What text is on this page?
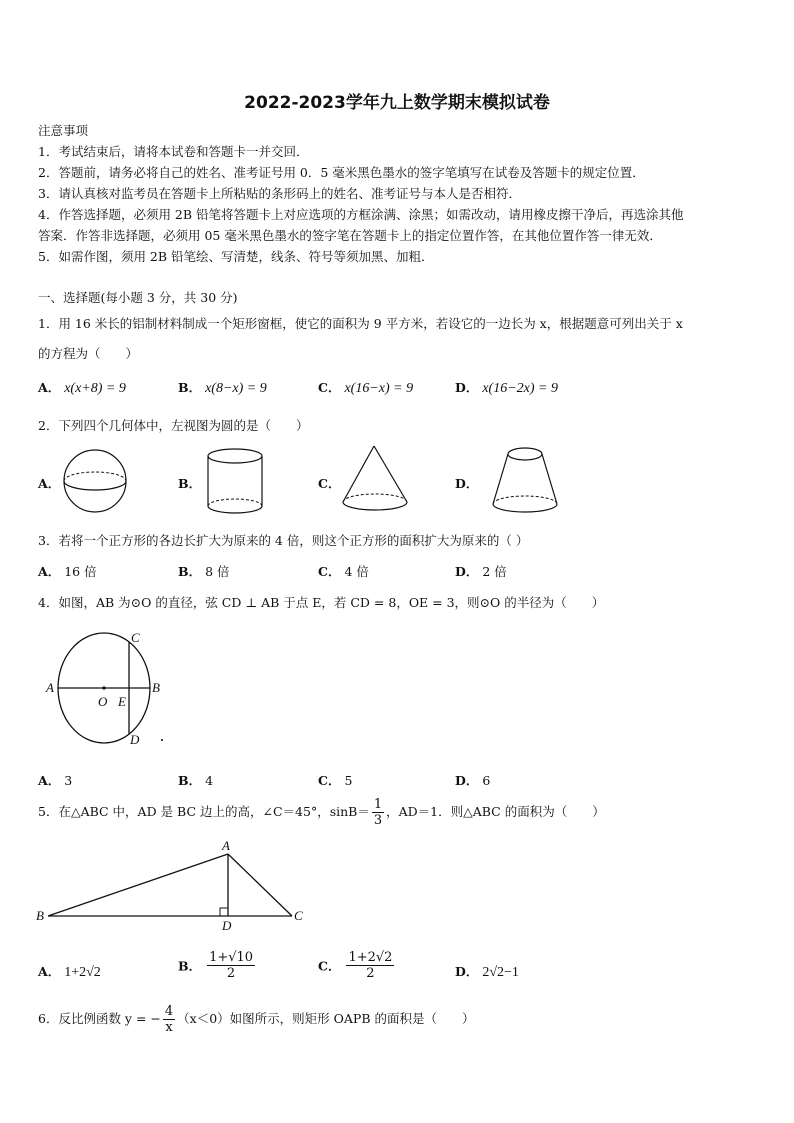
2022-2023学年九上数学期末模拟试卷
注意事项
1．考试结束后，请将本试卷和答题卡一并交回．
2．答题前，请务必将自己的姓名、准考证号用 0．5 毫米黑色墨水的签字笔填写在试卷及答题卡的规定位置．
3．请认真核对监考员在答题卡上所粘贴的条形码上的姓名、准考证号与本人是否相符．
4．作答选择题，必须用 2B 铅笔将答题卡上对应选项的方框涂满、涂黑；如需改动，请用橡皮擦干净后，再选涂其他
答案．作答非选择题，必须用 05 毫米黑色墨水的签字笔在答题卡上的指定位置作答，在其他位置作答一律无效．
5．如需作图，须用 2B 铅笔绘、写清楚，线条、符号等须加黑、加粗．
一、选择题(每小题 3 分，共 30 分)
1．用 16 米长的铝制材料制成一个矩形窗框，使它的面积为 9 平方米，若设它的一边长为 x，根据题意可列出关于 x
的方程为（　　）
A． x(x+8) = 9	B． x(8−x) = 9	C． x(16−x) = 9	D． x(16−2x) = 9
2．下列四个几何体中，左视图为圆的是（　　）
A．	B．	C．	D．
3．若将一个正方形的各边长扩大为原来的 4 倍，则这个正方形的面积扩大为原来的（ ）
A． 16 倍	B． 8 倍	C． 4 倍	D． 2 倍
4．如图，AB 为⊙O 的直径，弦 CD ⊥ AB 于点 E，若 CD = 8，OE = 3，则⊙O 的半径为（　　）
C
A
O E
B
D
A． 3	B． 4	C． 5	D． 6
5．在△ABC 中，AD 是 BC 边上的高，∠C＝45°，$\sin B= \frac{1}{3}$ ，AD＝1．则△ABC 的面积为（　　）
A
B
D
C
A． 1+2√2	B． $\frac{1+√10}{2}$	C． $\frac{1+2√2}{2}$	D． 2√2−1
6．反比例函数 y = − $\frac{4}{x} (x<0)$如图所示，则矩形 OAPB 的面积是（　　）
